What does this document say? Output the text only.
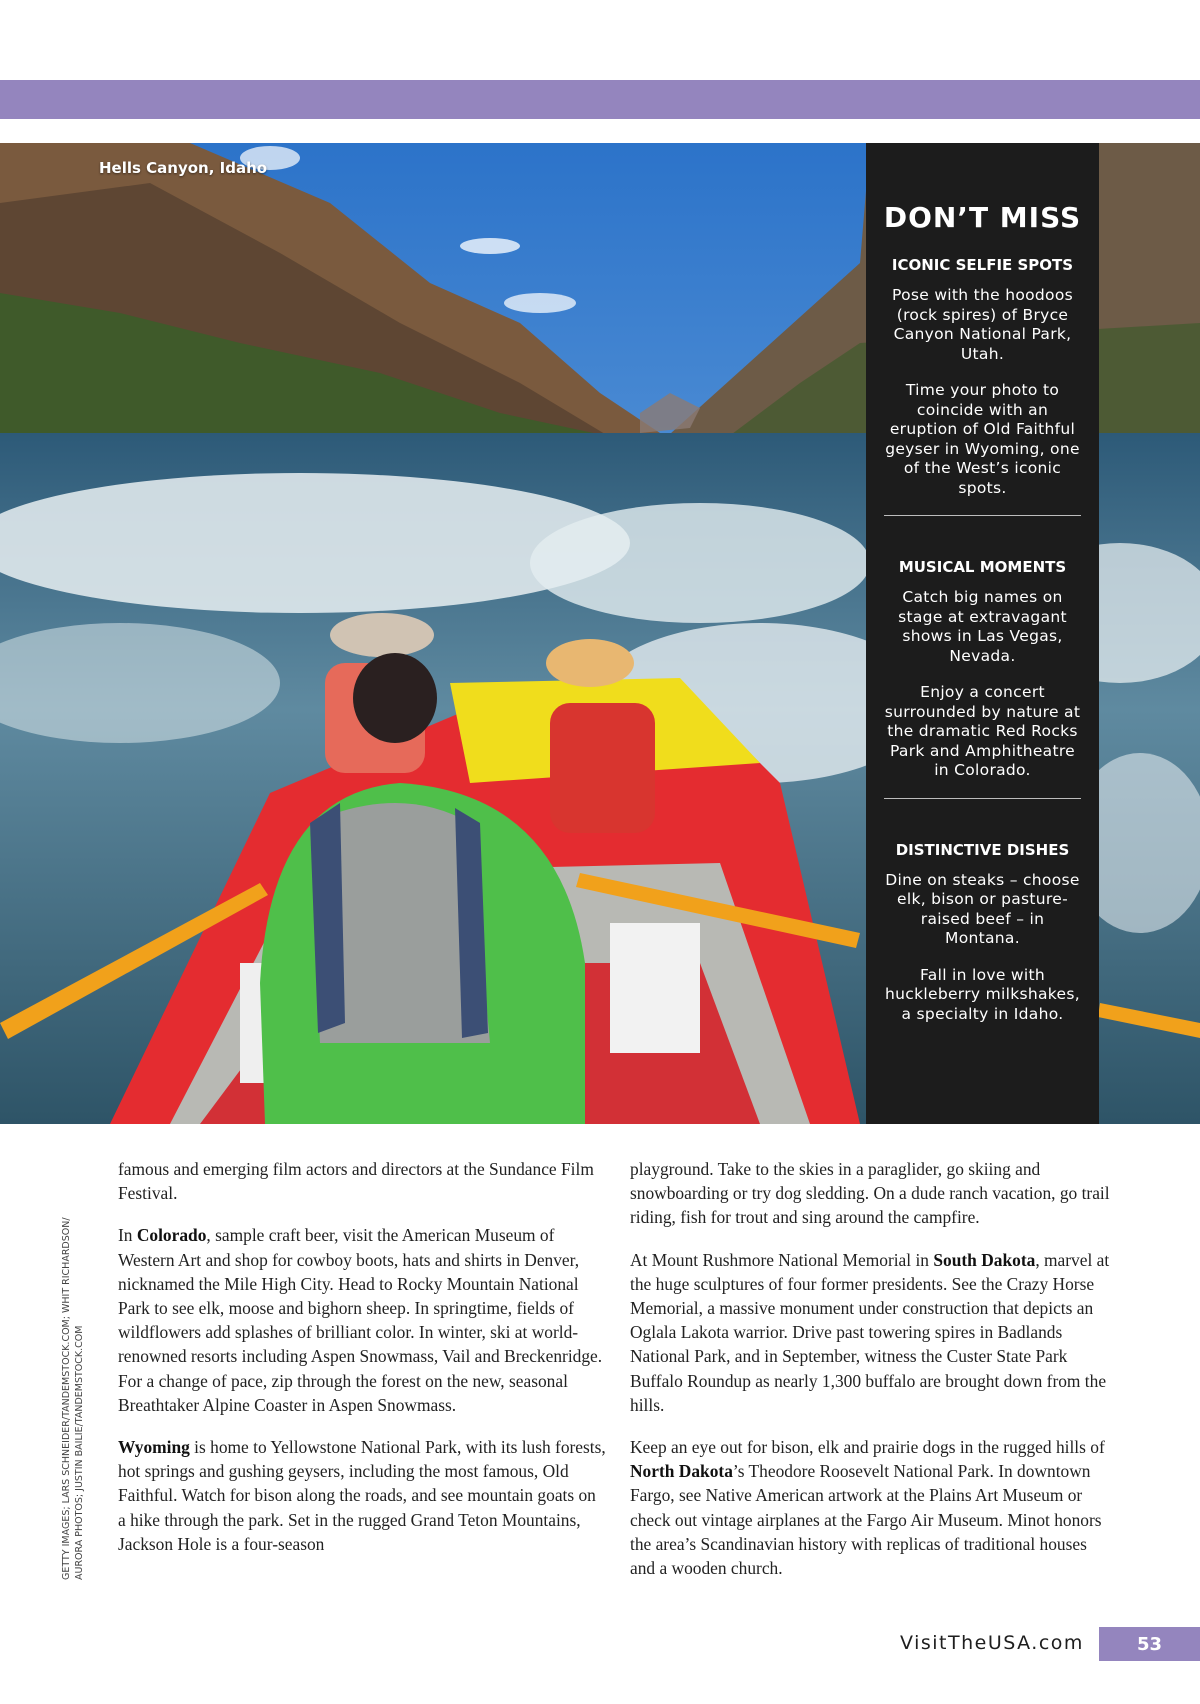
Hells Canyon, Idaho
DON’T MISS
ICONIC SELFIE SPOTS

Pose with the hoodoos (rock spires) of Bryce Canyon National Park, Utah.

Time your photo to coincide with an eruption of Old Faithful geyser in Wyoming, one of the West’s iconic spots.

MUSICAL MOMENTS

Catch big names on stage at extravagant shows in Las Vegas, Nevada.

Enjoy a concert surrounded by nature at the dramatic Red Rocks Park and Amphitheatre in Colorado.

DISTINCTIVE DISHES

Dine on steaks – choose elk, bison or pasture-raised beef – in Montana.

Fall in love with huckleberry milkshakes, a specialty in Idaho.

GETTY IMAGES; LARS SCHNEIDER/TANDEMSTOCK.COM; WHIT RICHARDSON/ AURORA PHOTOS; JUSTIN BAILIE/TANDEMSTOCK.COM

famous and emerging film actors and directors at the Sundance Film Festival.

In Colorado, sample craft beer, visit the American Museum of Western Art and shop for cowboy boots, hats and shirts in Denver, nicknamed the Mile High City. Head to Rocky Mountain National Park to see elk, moose and bighorn sheep. In springtime, fields of wildflowers add splashes of brilliant color. In winter, ski at world-renowned resorts including Aspen Snowmass, Vail and Breckenridge. For a change of pace, zip through the forest on the new, seasonal Breathtaker Alpine Coaster in Aspen Snowmass.

Wyoming is home to Yellowstone National Park, with its lush forests, hot springs and gushing geysers, including the most famous, Old Faithful. Watch for bison along the roads, and see mountain goats on a hike through the park. Set in the rugged Grand Teton Mountains, Jackson Hole is a four-season

playground. Take to the skies in a paraglider, go skiing and snowboarding or try dog sledding. On a dude ranch vacation, go trail riding, fish for trout and sing around the campfire.

At Mount Rushmore National Memorial in South Dakota, marvel at the huge sculptures of four former presidents. See the Crazy Horse Memorial, a massive monument under construction that depicts an Oglala Lakota warrior. Drive past towering spires in Badlands National Park, and in September, witness the Custer State Park Buffalo Roundup as nearly 1,300 buffalo are brought down from the hills.

Keep an eye out for bison, elk and prairie dogs in the rugged hills of North Dakota’s Theodore Roosevelt National Park. In downtown Fargo, see Native American artwork at the Plains Art Museum or check out vintage airplanes at the Fargo Air Museum. Minot honors the area’s Scandinavian history with replicas of traditional houses and a wooden church.

VisitTheUSA.com	53
